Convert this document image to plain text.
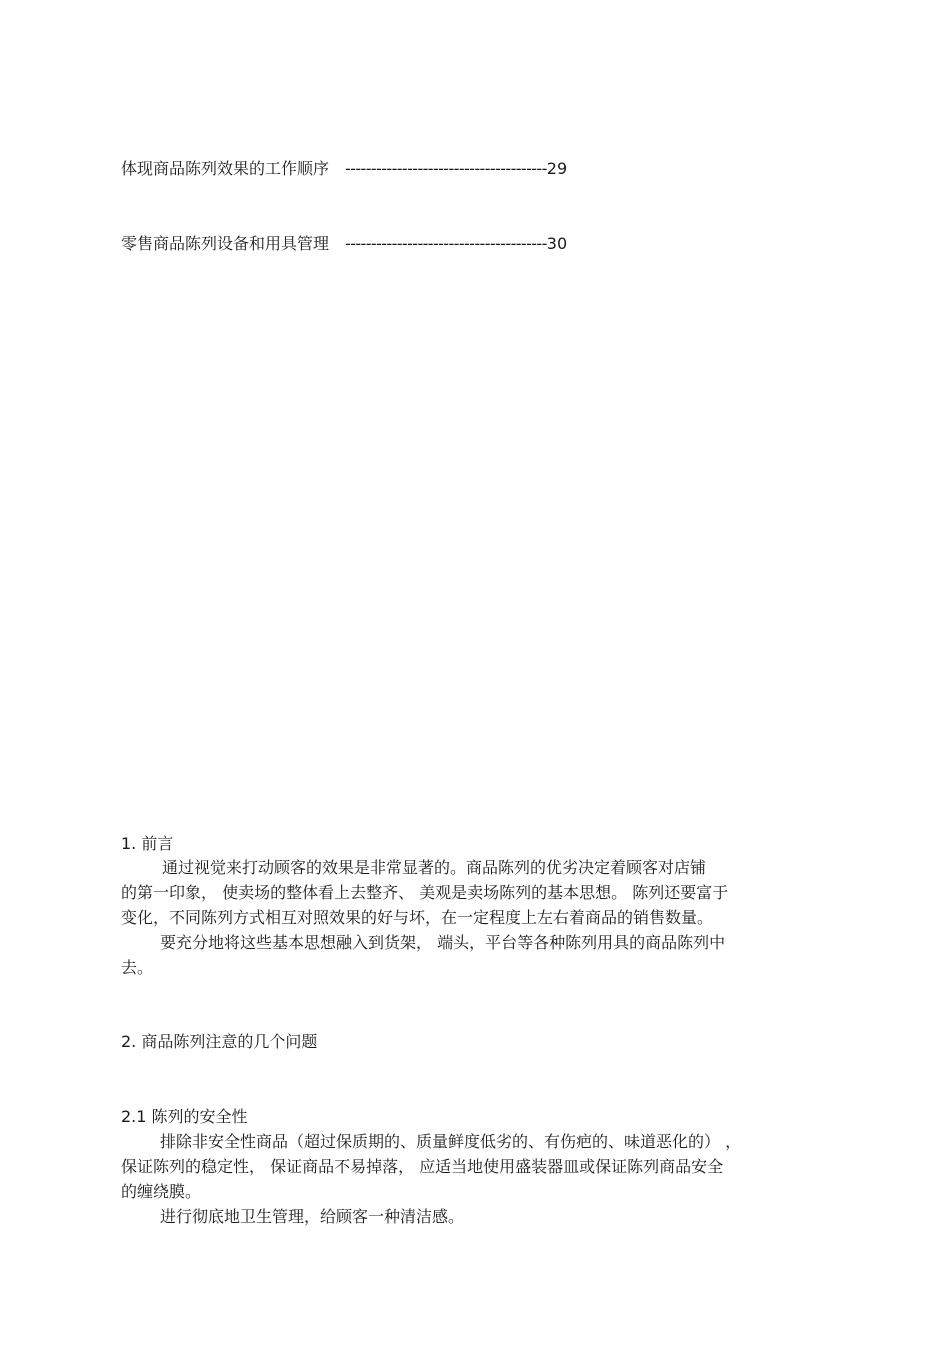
体现商品陈列效果的工作顺序 ---------------------------------------29
零售商品陈列设备和用具管理 ---------------------------------------30
1. 前言
通过视觉来打动顾客的效果是非常显著的。商品陈列的优劣决定着顾客对店铺
的第一印象， 使卖场的整体看上去整齐、 美观是卖场陈列的基本思想。 陈列还要富于
变化，不同陈列方式相互对照效果的好与坏，在一定程度上左右着商品的销售数量。
要充分地将这些基本思想融入到货架， 端头，平台等各种陈列用具的商品陈列中
去。
2. 商品陈列注意的几个问题
2.1 陈列的安全性
排除非安全性商品（超过保质期的、质量鲜度低劣的、有伤疤的、味道恶化的） ，
保证陈列的稳定性， 保证商品不易掉落， 应适当地使用盛装器皿或保证陈列商品安全
的缠绕膜。
进行彻底地卫生管理，给顾客一种清洁感。
